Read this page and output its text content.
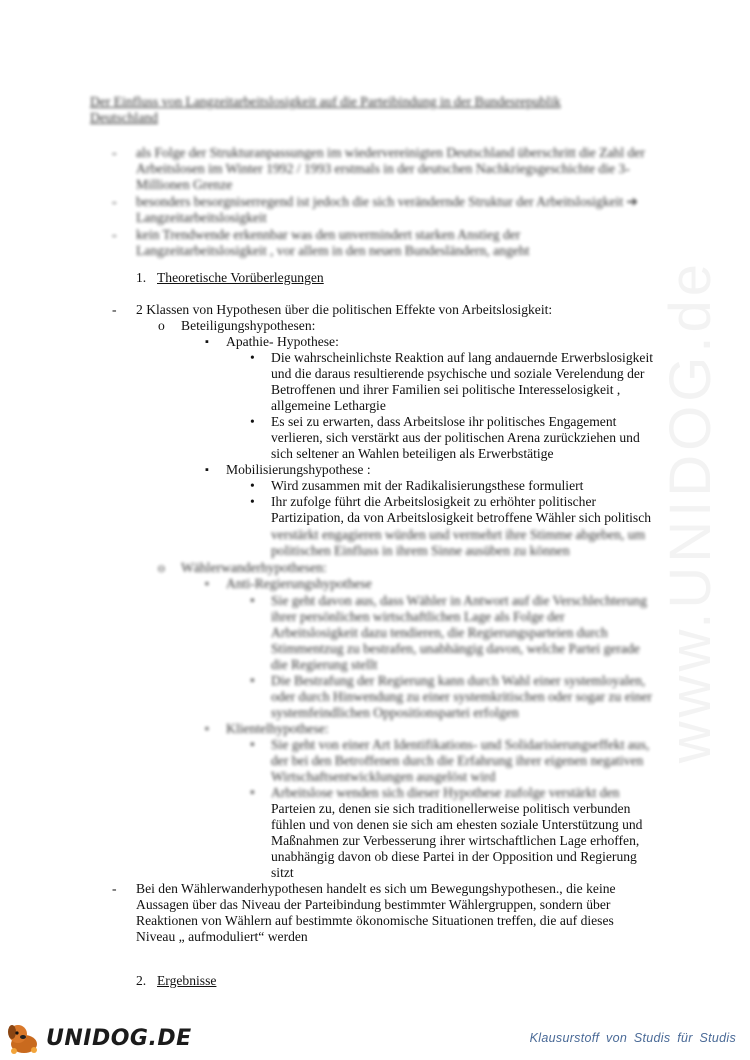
www.UNIDOG.de
Der Einfluss von Langzeitarbeitslosigkeit auf die Parteibindung in der Bundesrepublik
Deutschland
- als Folge der Strukturanpassungen im wiedervereinigten Deutschland überschritt die Zahl der
Arbeitslosen im Winter 1992 / 1993 erstmals in der deutschen Nachkriegsgeschichte die 3-
Millionen Grenze
- besonders besorgniserregend ist jedoch die sich verändernde Struktur der Arbeitslosigkeit ➔
Langzeitarbeitslosigkeit
- kein Trendwende erkennbar was den unvermindert starken Anstieg der
Langzeitarbeitslosigkeit , vor allem in den neuen Bundesländern, angeht
1. Theoretische Vorüberlegungen
- 2 Klassen von Hypothesen über die politischen Effekte von Arbeitslosigkeit:
o Beteiligungshypothesen:
▪ Apathie- Hypothese:
• Die wahrscheinlichste Reaktion auf lang andauernde Erwerbslosigkeit
und die daraus resultierende psychische und soziale Verelendung der
Betroffenen und ihrer Familien sei politische Interesselosigkeit ,
allgemeine Lethargie
• Es sei zu erwarten, dass Arbeitslose ihr politisches Engagement
verlieren, sich verstärkt aus der politischen Arena zurückziehen und
sich seltener an Wahlen beteiligen als Erwerbstätige
▪ Mobilisierungshypothese :
• Wird zusammen mit der Radikalisierungsthese formuliert
• Ihr zufolge führt die Arbeitslosigkeit zu erhöhter politischer
Partizipation, da von Arbeitslosigkeit betroffene Wähler sich politisch
verstärkt engagieren würden und vermehrt ihre Stimme abgeben, um
politischen Einfluss in ihrem Sinne ausüben zu können
o Wählerwanderhypothesen:
▪ Anti-Regierungshypothese
• Sie geht davon aus, dass Wähler in Antwort auf die Verschlechterung
ihrer persönlichen wirtschaftlichen Lage als Folge der
Arbeitslosigkeit dazu tendieren, die Regierungsparteien durch
Stimmentzug zu bestrafen, unabhängig davon, welche Partei gerade
die Regierung stellt
• Die Bestrafung der Regierung kann durch Wahl einer systemloyalen,
oder durch Hinwendung zu einer systemkritischen oder sogar zu einer
systemfeindlichen Oppositionspartei erfolgen
▪ Klientelhypothese:
• Sie geht von einer Art Identifikations- und Solidarisierungseffekt aus,
der bei den Betroffenen durch die Erfahrung ihrer eigenen negativen
Wirtschaftsentwicklungen ausgelöst wird
• Arbeitslose wenden sich dieser Hypothese zufolge verstärkt den
Parteien zu, denen sie sich traditionellerweise politisch verbunden
fühlen und von denen sie sich am ehesten soziale Unterstützung und
Maßnahmen zur Verbesserung ihrer wirtschaftlichen Lage erhoffen,
unabhängig davon ob diese Partei in der Opposition und Regierung
sitzt
- Bei den Wählerwanderhypothesen handelt es sich um Bewegungshypothesen., die keine
Aussagen über das Niveau der Parteibindung bestimmter Wählergruppen, sondern über
Reaktionen von Wählern auf bestimmte ökonomische Situationen treffen, die auf dieses
Niveau „ aufmoduliert“ werden
2. Ergebnisse
UNIDOG.DE	Klausurstoff von Studis für Studis
